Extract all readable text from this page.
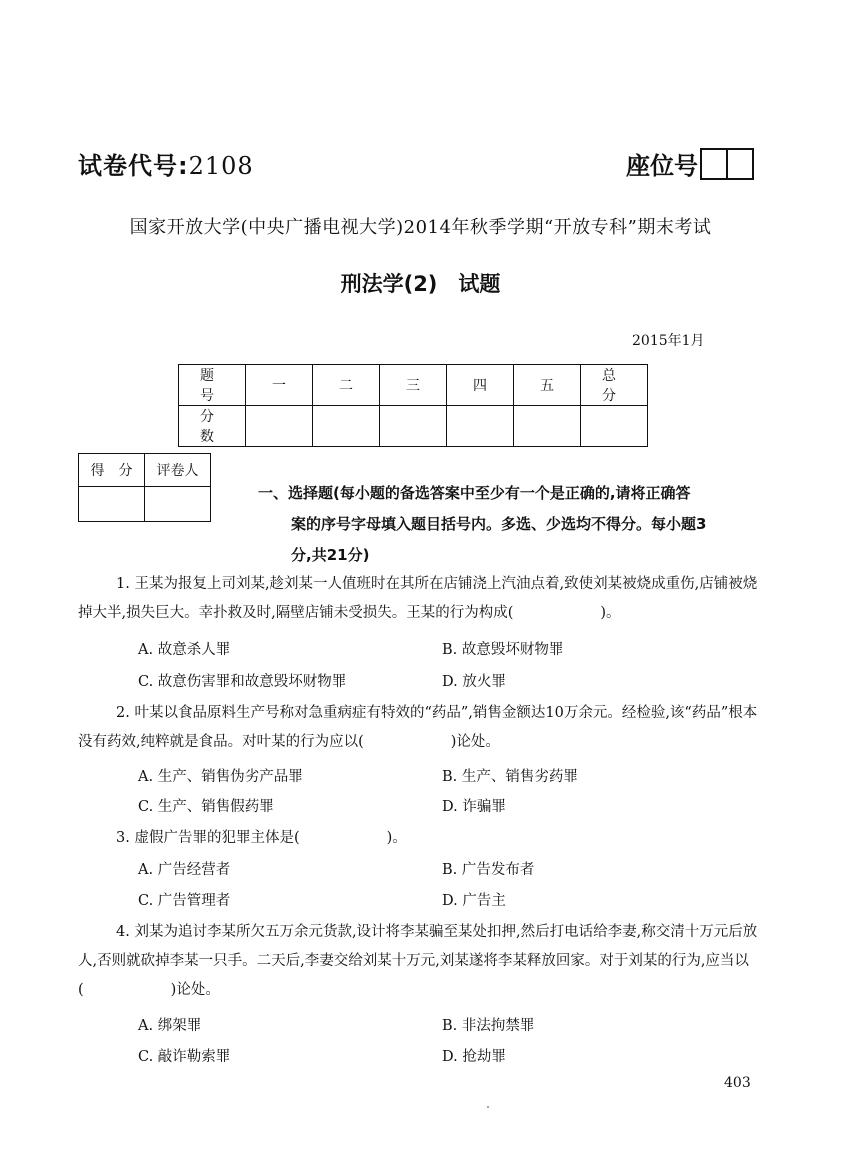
试卷代号:2108	座位号
国家开放大学(中央广播电视大学)2014年秋季学期“开放专科”期末考试
刑法学(2)　试题
2015年1月
题　号	一	二	三	四	五	总　分
分　数						
得　分	评卷人

一、选择题(每小题的备选答案中至少有一个是正确的,请将正确答
案的序号字母填入题目括号内。多选、少选均不得分。每小题3
分,共21分)
1. 王某为报复上司刘某,趁刘某一人值班时在其所在店铺浇上汽油点着,致使刘某被烧成重伤,店铺被烧掉大半,损失巨大。幸扑救及时,隔壁店铺未受损失。王某的行为构成(　　　　　　)。
A. 故意杀人罪	B. 故意毁坏财物罪
C. 故意伤害罪和故意毁坏财物罪	D. 放火罪
2. 叶某以食品原料生产号称对急重病症有特效的“药品”,销售金额达10万余元。经检验,该“药品”根本没有药效,纯粹就是食品。对叶某的行为应以(　　　　　　)论处。
A. 生产、销售伪劣产品罪	B. 生产、销售劣药罪
C. 生产、销售假药罪	D. 诈骗罪
3. 虚假广告罪的犯罪主体是(　　　　　　)。
A. 广告经营者	B. 广告发布者
C. 广告管理者	D. 广告主
4. 刘某为追讨李某所欠五万余元货款,设计将李某骗至某处扣押,然后打电话给李妻,称交清十万元后放人,否则就砍掉李某一只手。二天后,李妻交给刘某十万元,刘某遂将李某释放回家。对于刘某的行为,应当以(　　　　　　)论处。
A. 绑架罪	B. 非法拘禁罪
C. 敲诈勒索罪	D. 抢劫罪
403
